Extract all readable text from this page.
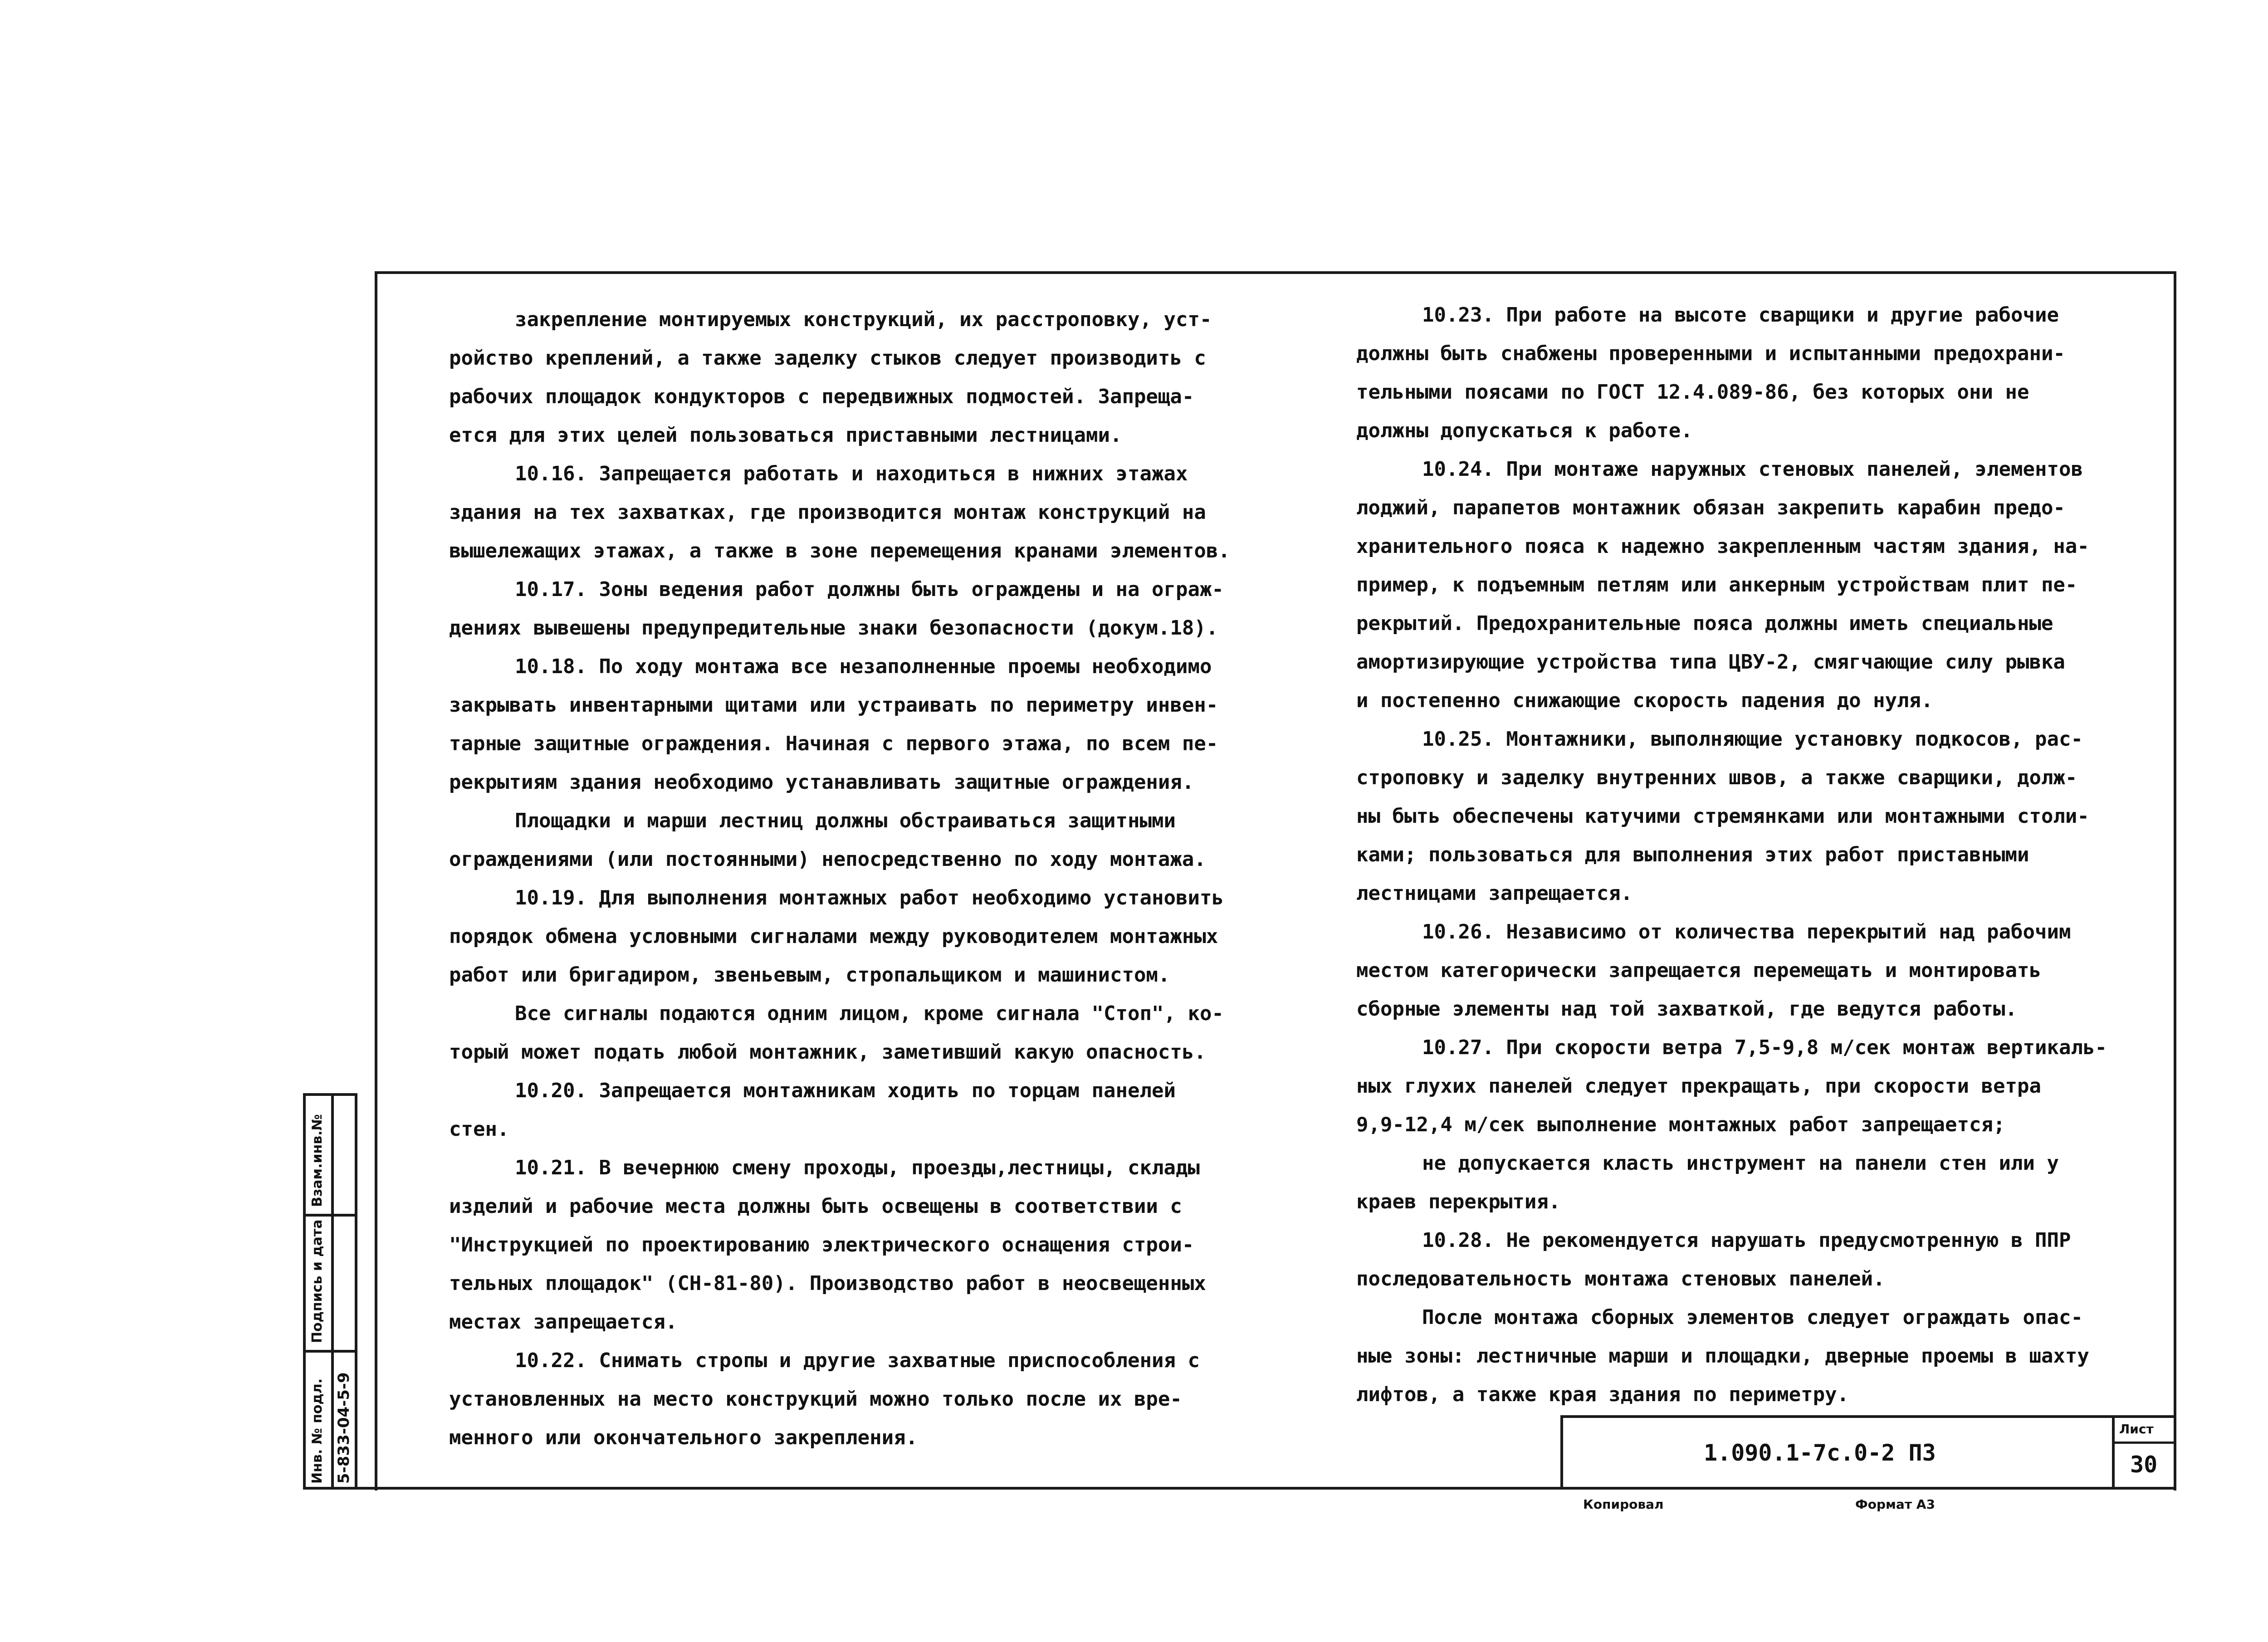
Взам.инв.№
Подпись и дата
Инв. № подл. 5-833-04-5-9

закрепление монтируемых конструкций, их расстроповку, уст-

ройство креплений, а также заделку стыков следует производить с

рабочих площадок кондукторов с передвижных подмостей. Запреща-

ется для этих целей пользоваться приставными лестницами.

10.16. Запрещается работать и находиться в нижних этажах

здания на тех захватках, где производится монтаж конструкций на

вышележащих этажах, а также в зоне перемещения кранами элементов.

10.17. Зоны ведения работ должны быть ограждены и на ограж-

дениях вывешены предупредительные знаки безопасности (докум.18).

10.18. По ходу монтажа все незаполненные проемы необходимо

закрывать инвентарными щитами или устраивать по периметру инвен-

тарные защитные ограждения. Начиная с первого этажа, по всем пе-

рекрытиям здания необходимо устанавливать защитные ограждения.

Площадки и марши лестниц должны обстраиваться защитными

ограждениями (или постоянными) непосредственно по ходу монтажа.

10.19. Для выполнения монтажных работ необходимо установить

порядок обмена условными сигналами между руководителем монтажных

работ или бригадиром, звеньевым, стропальщиком и машинистом.

Все сигналы подаются одним лицом, кроме сигнала "Стоп", ко-

торый может подать любой монтажник, заметивший какую опасность.

10.20. Запрещается монтажникам ходить по торцам панелей

стен.

10.21. В вечернюю смену проходы, проезды,лестницы, склады

изделий и рабочие места должны быть освещены в соответствии с

"Инструкцией по проектированию электрического оснащения строи-

тельных площадок" (СН-81-80). Производство работ в неосвещенных

местах запрещается.

10.22. Снимать стропы и другие захватные приспособления с

установленных на место конструкций можно только после их вре-

менного или окончательного закрепления.

10.23. При работе на высоте сварщики и другие рабочие

должны быть снабжены проверенными и испытанными предохрани-

тельными поясами по ГОСТ 12.4.089-86, без которых они не

должны допускаться к работе.

10.24. При монтаже наружных стеновых панелей, элементов

лоджий, парапетов монтажник обязан закрепить карабин предо-

хранительного пояса к надежно закрепленным частям здания, на-

пример, к подъемным петлям или анкерным устройствам плит пе-

рекрытий. Предохранительные пояса должны иметь специальные

амортизирующие устройства типа ЦВУ-2, смягчающие силу рывка

и постепенно снижающие скорость падения до нуля.

10.25. Монтажники, выполняющие установку подкосов, рас-

строповку и заделку внутренних швов, а также сварщики, долж-

ны быть обеспечены катучими стремянками или монтажными столи-

ками; пользоваться для выполнения этих работ приставными

лестницами запрещается.

10.26. Независимо от количества перекрытий над рабочим

местом категорически запрещается перемещать и монтировать

сборные элементы над той захваткой, где ведутся работы.

10.27. При скорости ветра 7,5-9,8 м/сек монтаж вертикаль-

ных глухих панелей следует прекращать, при скорости ветра

9,9-12,4 м/сек выполнение монтажных работ запрещается;

не допускается класть инструмент на панели стен или у

краев перекрытия.

10.28. Не рекомендуется нарушать предусмотренную в ППР

последовательность монтажа стеновых панелей.

После монтажа сборных элементов следует ограждать опас-

ные зоны: лестничные марши и площадки, дверные проемы в шахту

лифтов, а также края здания по периметру.

1.090.1-7с.0-2 ПЗ
Лист
30
Копировал	Формат А3
